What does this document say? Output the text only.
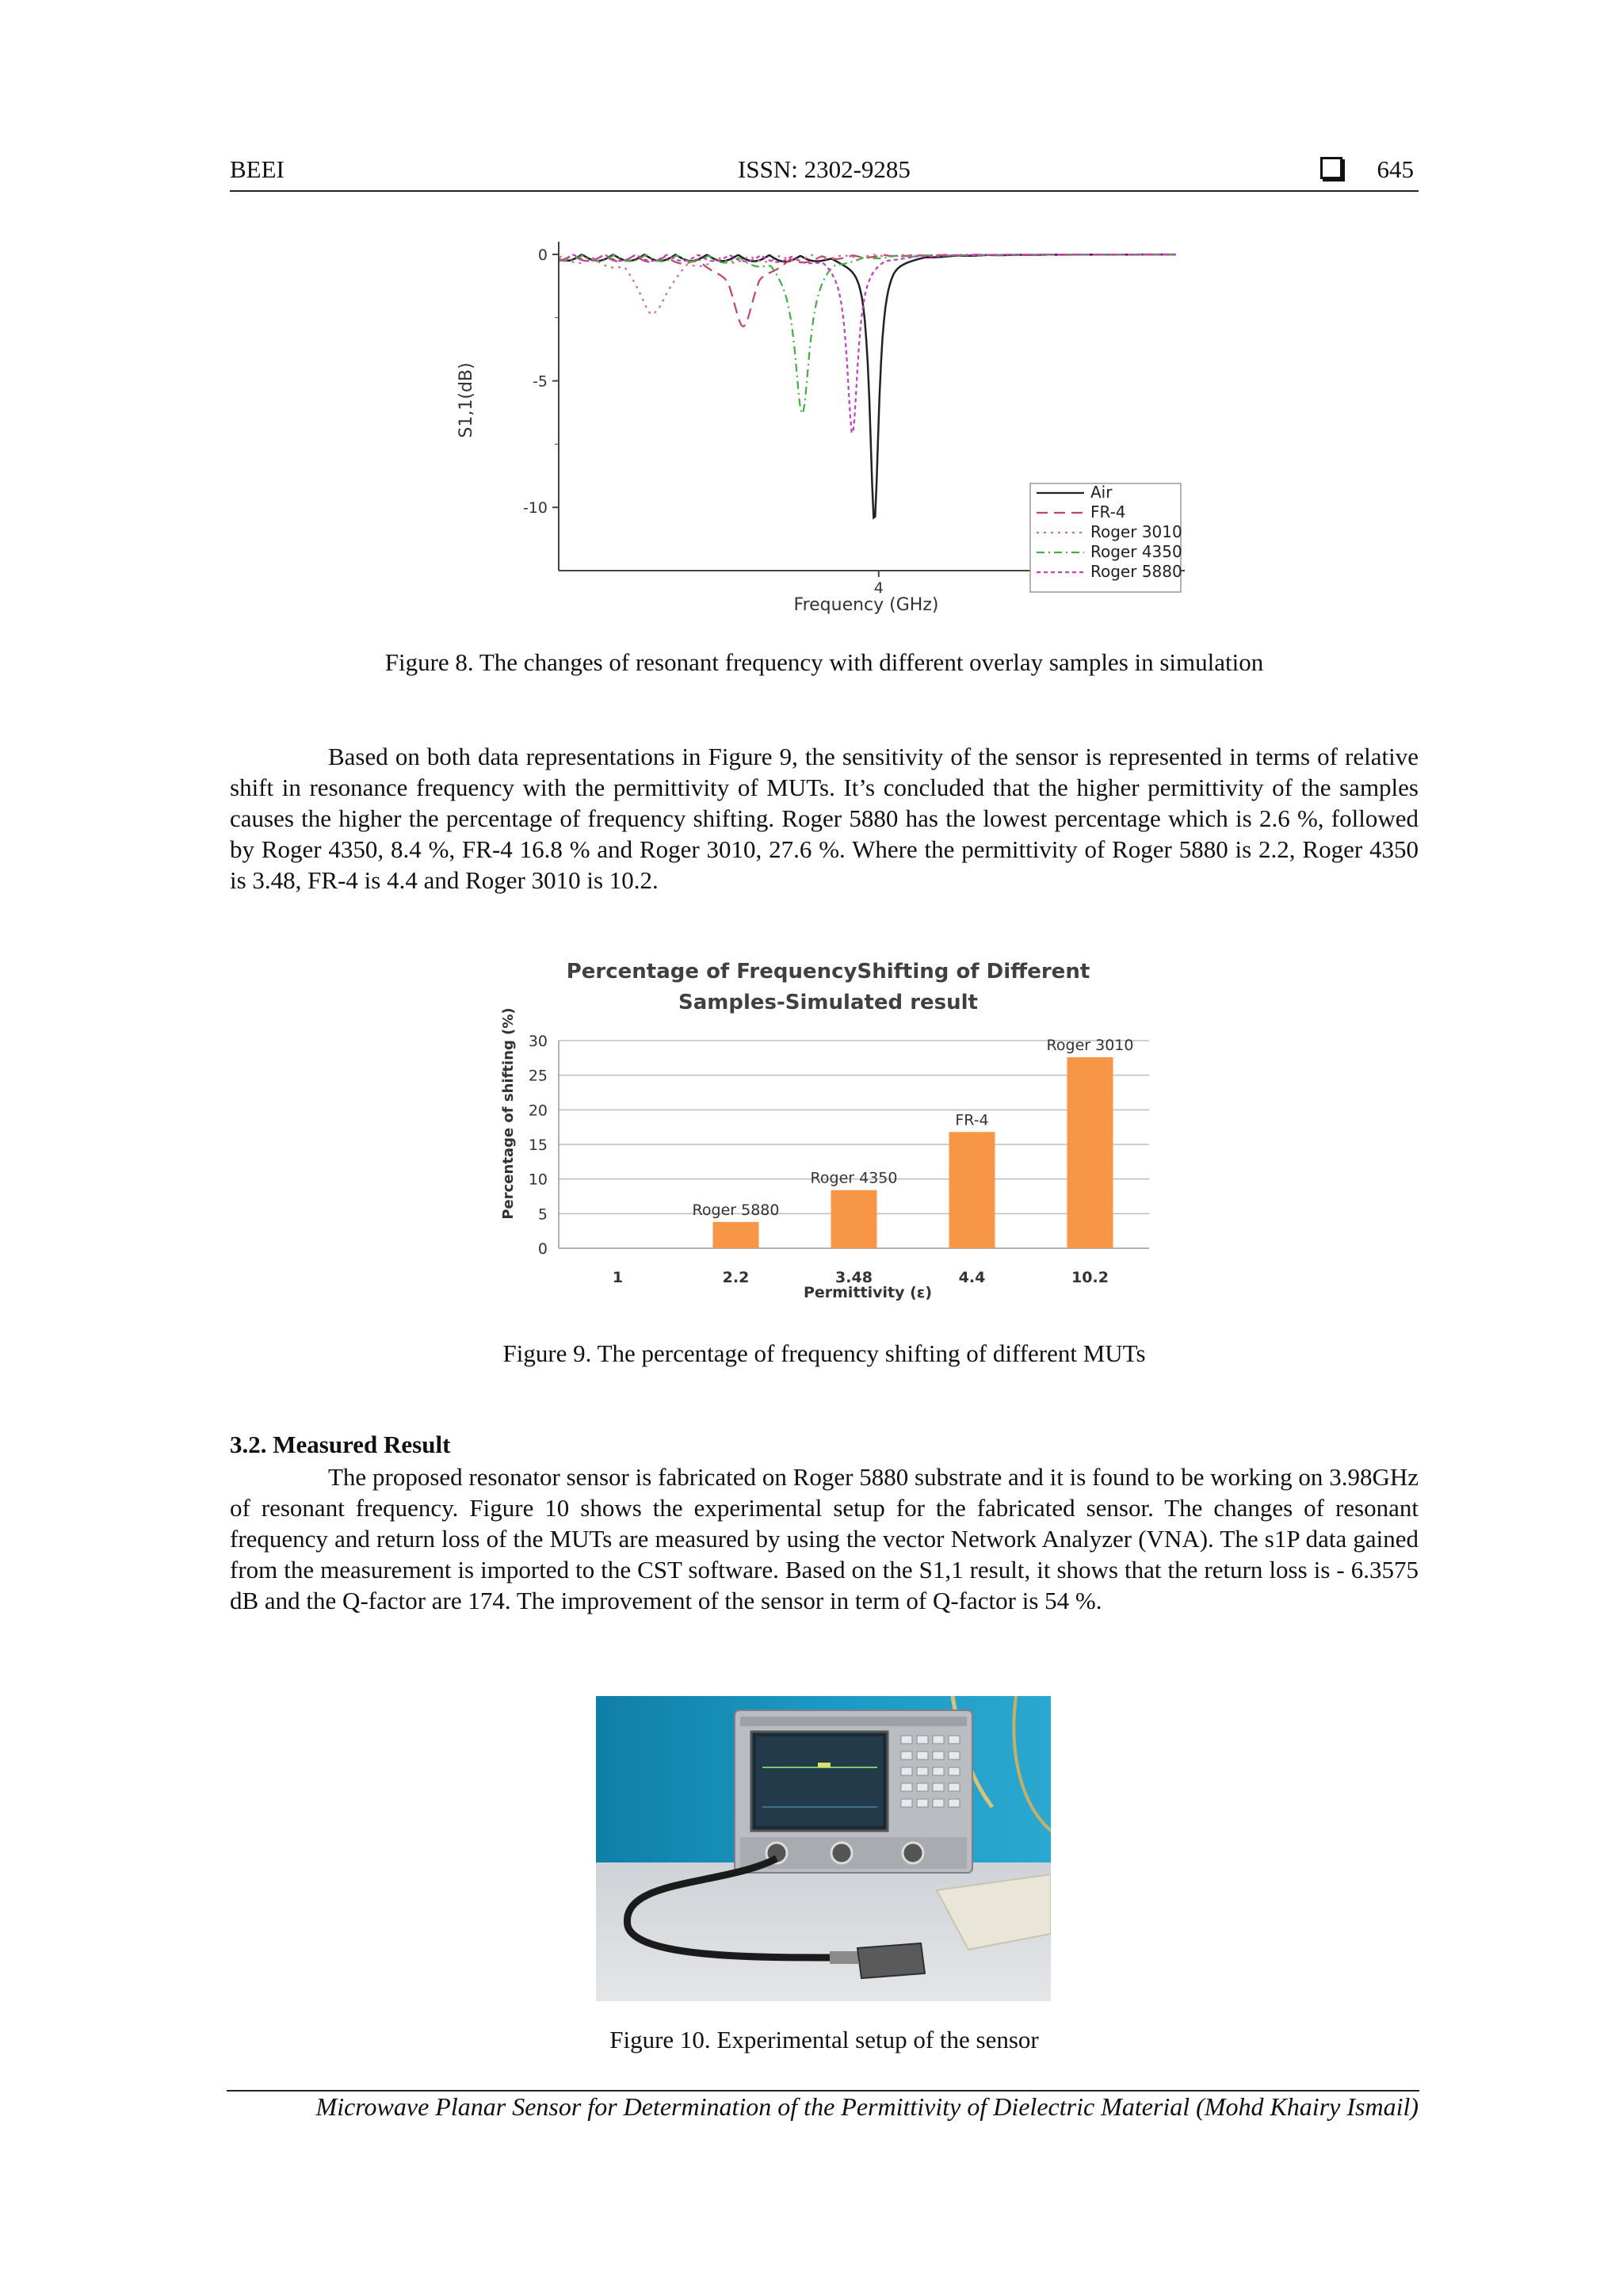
BEEI	ISSN: 2302-9285	645
0
-5
-10
4
Air
FR-4
Roger 3010
Roger 4350
Roger 5880
S1,1(dB)
Frequency (GHz)
Figure 8. The changes of resonant frequency with different overlay samples in simulation

Based on both data representations in Figure 9, the sensitivity of the sensor is represented in terms of relative shift in resonance frequency with the permittivity of MUTs. It’s concluded that the higher permittivity of the samples causes the higher the percentage of frequency shifting. Roger 5880 has the lowest percentage which is 2.6 %, followed by Roger 4350, 8.4 %, FR-4 16.8 % and Roger 3010, 27.6 %. Where the permittivity of Roger 5880 is 2.2, Roger 4350 is 3.48, FR-4 is 4.4 and Roger 3010 is 10.2.

Percentage of FrequencyShifting of Different
Samples-Simulated result
0
5
10
15
20
25
30
1
Roger 5880
2.2
Roger 4350
3.48
FR-4
4.4
Roger 3010
10.2
Percentage of shifting (%)
Permittivity (ε)
Figure 9. The percentage of frequency shifting of different MUTs
3.2. Measured Result

The proposed resonator sensor is fabricated on Roger 5880 substrate and it is found to be working on 3.98GHz of resonant frequency. Figure 10 shows the experimental setup for the fabricated sensor. The changes of resonant frequency and return loss of the MUTs are measured by using the vector Network Analyzer (VNA). The s1P data gained from the measurement is imported to the CST software. Based on the S1,1 result, it shows that the return loss is - 6.3575 dB and the Q-factor are 174. The improvement of the sensor in term of Q-factor is 54 %.

Figure 10. Experimental setup of the sensor
Microwave Planar Sensor for Determination of the Permittivity of Dielectric Material (Mohd Khairy Ismail)
